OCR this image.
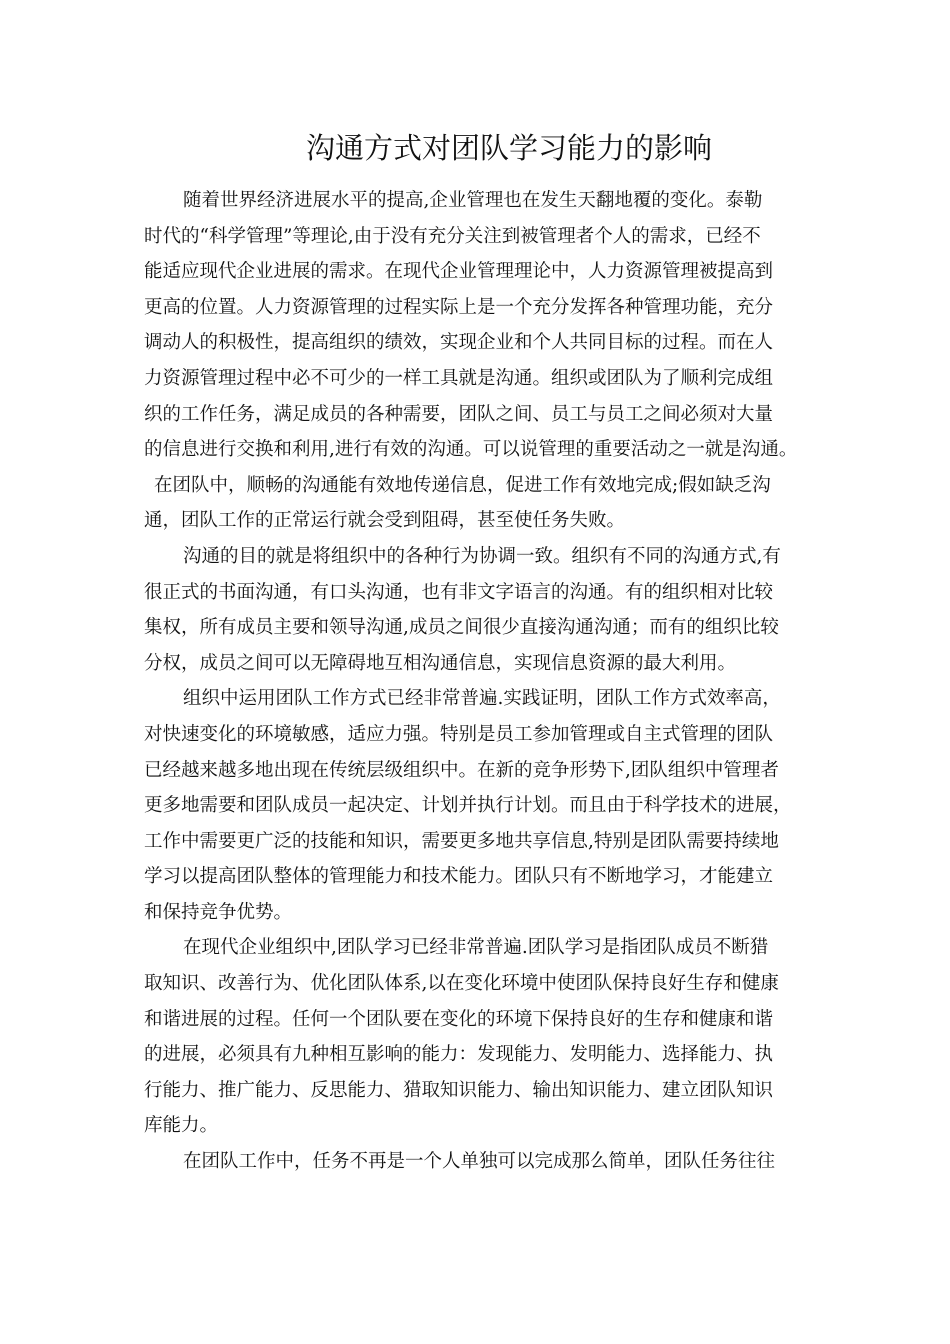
沟通方式对团队学习能力的影响
随着世界经济进展水平的提高,企业管理也在发生天翻地覆的变化。泰勒
时代的“科学管理”等理论,由于没有充分关注到被管理者个人的需求，已经不
能适应现代企业进展的需求。在现代企业管理理论中，人力资源管理被提高到
更高的位置。人力资源管理的过程实际上是一个充分发挥各种管理功能，充分
调动人的积极性，提高组织的绩效，实现企业和个人共同目标的过程。而在人
力资源管理过程中必不可少的一样工具就是沟通。组织或团队为了顺利完成组
织的工作任务，满足成员的各种需要，团队之间、员工与员工之间必须对大量
的信息进行交换和利用,进行有效的沟通。可以说管理的重要活动之一就是沟通。
在团队中，顺畅的沟通能有效地传递信息，促进工作有效地完成;假如缺乏沟
通，团队工作的正常运行就会受到阻碍，甚至使任务失败。
沟通的目的就是将组织中的各种行为协调一致。组织有不同的沟通方式,有
很正式的书面沟通，有口头沟通，也有非文字语言的沟通。有的组织相对比较
集权，所有成员主要和领导沟通,成员之间很少直接沟通沟通；而有的组织比较
分权，成员之间可以无障碍地互相沟通信息，实现信息资源的最大利用。
组织中运用团队工作方式已经非常普遍.实践证明，团队工作方式效率高，
对快速变化的环境敏感，适应力强。特别是员工参加管理或自主式管理的团队
已经越来越多地出现在传统层级组织中。在新的竞争形势下,团队组织中管理者
更多地需要和团队成员一起决定、计划并执行计划。而且由于科学技术的进展，
工作中需要更广泛的技能和知识，需要更多地共享信息,特别是团队需要持续地
学习以提高团队整体的管理能力和技术能力。团队只有不断地学习，才能建立
和保持竞争优势。
在现代企业组织中,团队学习已经非常普遍.团队学习是指团队成员不断猎
取知识、改善行为、优化团队体系,以在变化环境中使团队保持良好生存和健康
和谐进展的过程。任何一个团队要在变化的环境下保持良好的生存和健康和谐
的进展，必须具有九种相互影响的能力：发现能力、发明能力、选择能力、执
行能力、推广能力、反思能力、猎取知识能力、输出知识能力、建立团队知识
库能力。
在团队工作中，任务不再是一个人单独可以完成那么简单，团队任务往往
